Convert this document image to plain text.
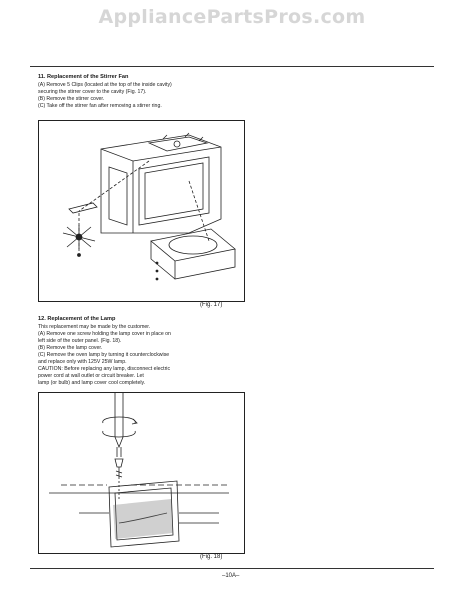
AppliancePartsPros.com
11. Replacement of the Stirrer Fan
(A) Remove 5 Clips (located at the top of the inside cavity)
securing the stirrer cover to the cavity (Fig. 17).
(B) Remove the stirrer cover.
(C) Take off the stirrer fan after removing a stirrer ring.
(Fig. 17)
12. Replacement of the Lamp
This replacement may be made by the customer.
(A) Remove one screw holding the lamp cover in place on
left side of the outer panel. (Fig. 18).
(B) Remove the lamp cover.
(C) Remove the oven lamp by turning it counterclockwise
and replace only with 125V 25W lamp.
CAUTION: Before replacing any lamp, disconnect electric
power cord at wall outlet or circuit breaker. Let
lamp (or bulb) and lamp cover cool completely.
(Fig. 18)
–10A–
